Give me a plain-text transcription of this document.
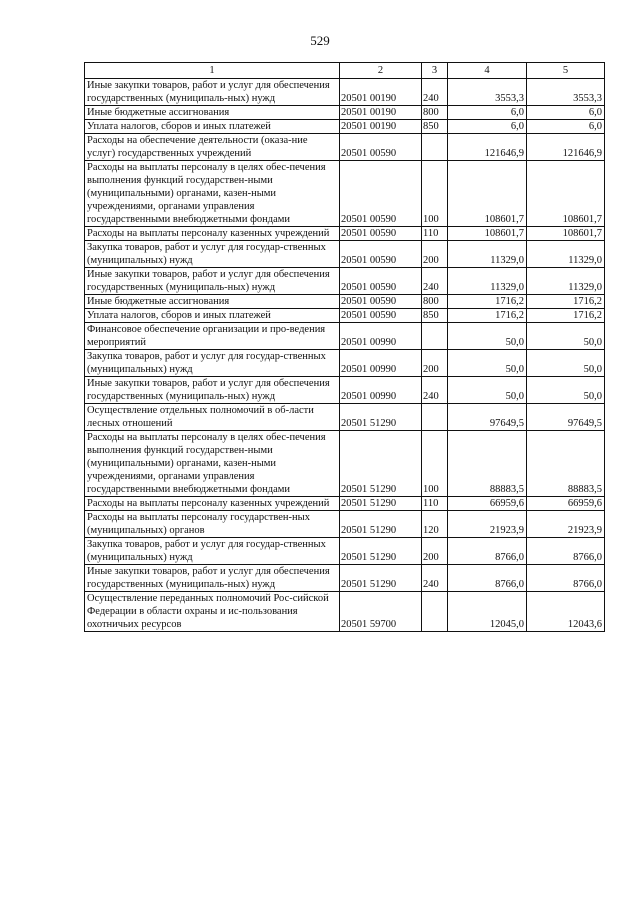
529
1	2	3	4	5
Иные закупки товаров, работ и услуг для обеспечения государственных (муниципаль-ных) нужд	20501 00190	240	3553,3	3553,3
Иные бюджетные ассигнования	20501 00190	800	6,0	6,0
Уплата налогов, сборов и иных платежей	20501 00190	850	6,0	6,0
Расходы на обеспечение деятельности (оказа-ние услуг) государственных учреждений	20501 00590		121646,9	121646,9
Расходы на выплаты персоналу в целях обес-печения выполнения функций государствен-ными (муниципальными) органами, казен-ными учреждениями, органами управления государственными внебюджетными фондами	20501 00590	100	108601,7	108601,7
Расходы на выплаты персоналу казенных учреждений	20501 00590	110	108601,7	108601,7
Закупка товаров, работ и услуг для государ-ственных (муниципальных) нужд	20501 00590	200	11329,0	11329,0
Иные закупки товаров, работ и услуг для обеспечения государственных (муниципаль-ных) нужд	20501 00590	240	11329,0	11329,0
Иные бюджетные ассигнования	20501 00590	800	1716,2	1716,2
Уплата налогов, сборов и иных платежей	20501 00590	850	1716,2	1716,2
Финансовое обеспечение организации и про-ведения мероприятий	20501 00990		50,0	50,0
Закупка товаров, работ и услуг для государ-ственных (муниципальных) нужд	20501 00990	200	50,0	50,0
Иные закупки товаров, работ и услуг для обеспечения государственных (муниципаль-ных) нужд	20501 00990	240	50,0	50,0
Осуществление отдельных полномочий в об-ласти лесных отношений	20501 51290		97649,5	97649,5
Расходы на выплаты персоналу в целях обес-печения выполнения функций государствен-ными (муниципальными) органами, казен-ными учреждениями, органами управления государственными внебюджетными фондами	20501 51290	100	88883,5	88883,5
Расходы на выплаты персоналу казенных учреждений	20501 51290	110	66959,6	66959,6
Расходы на выплаты персоналу государствен-ных (муниципальных) органов	20501 51290	120	21923,9	21923,9
Закупка товаров, работ и услуг для государ-ственных (муниципальных) нужд	20501 51290	200	8766,0	8766,0
Иные закупки товаров, работ и услуг для обеспечения государственных (муниципаль-ных) нужд	20501 51290	240	8766,0	8766,0
Осуществление переданных полномочий Рос-сийской Федерации в области охраны и ис-пользования охотничьих ресурсов	20501 59700		12045,0	12043,6
